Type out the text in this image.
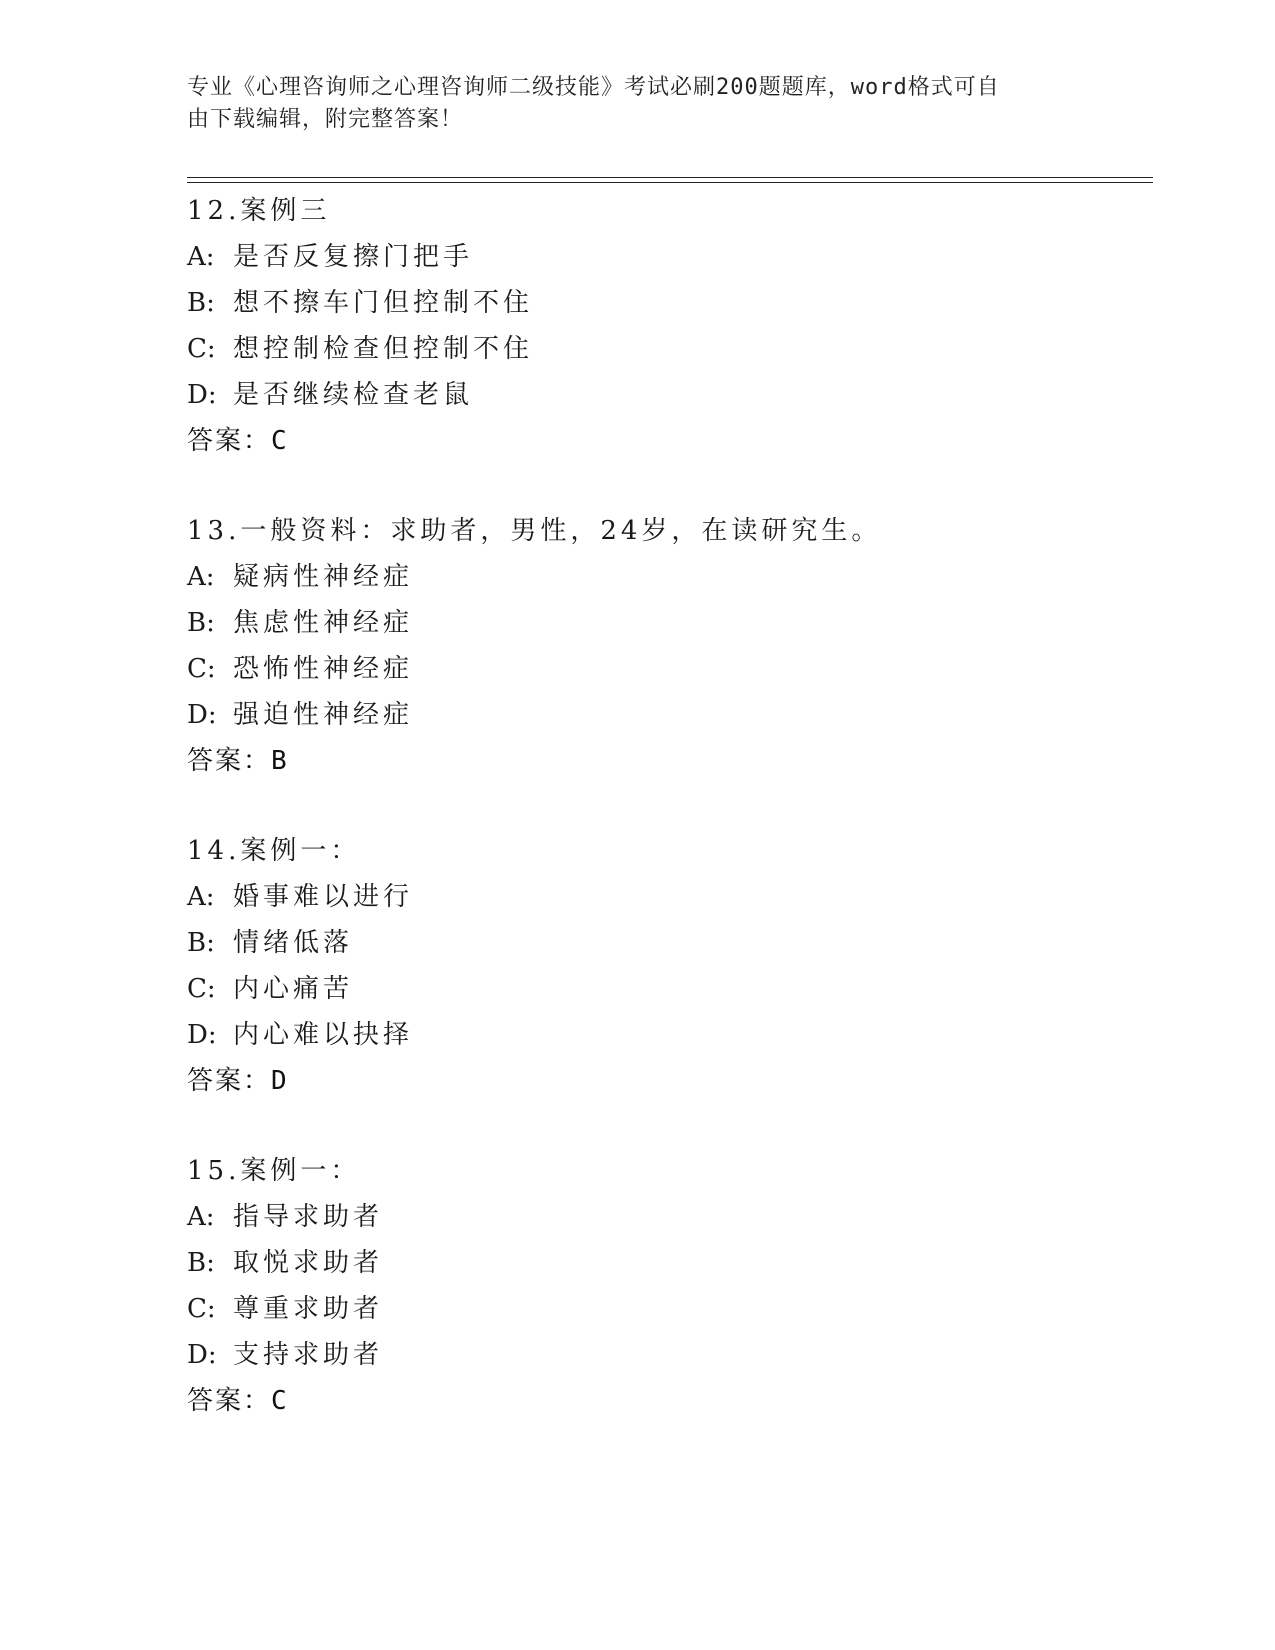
专业《心理咨询师之心理咨询师二级技能》考试必刷200题题库，word格式可自
由下载编辑，附完整答案！
12.案例三
A: 是否反复擦门把手
B: 想不擦车门但控制不住
C: 想控制检查但控制不住
D: 是否继续检查老鼠
答案：C
13.一般资料：求助者，男性，24岁，在读研究生。
A: 疑病性神经症
B: 焦虑性神经症
C: 恐怖性神经症
D: 强迫性神经症
答案：B
14.案例一：
A: 婚事难以进行
B: 情绪低落
C: 内心痛苦
D: 内心难以抉择
答案：D
15.案例一：
A: 指导求助者
B: 取悦求助者
C: 尊重求助者
D: 支持求助者
答案：C
